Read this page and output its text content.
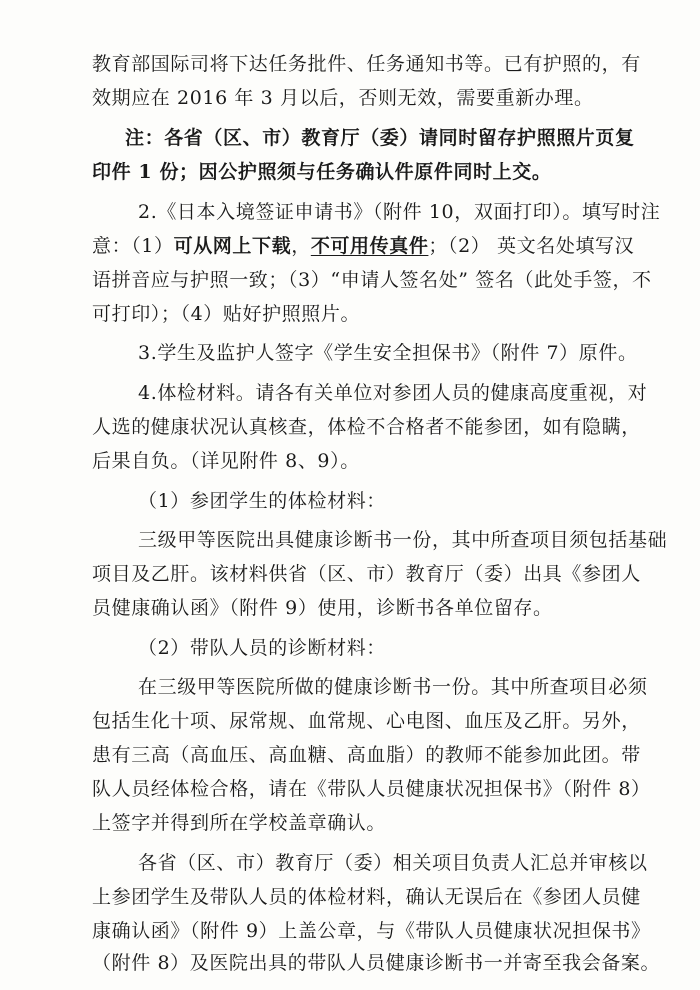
教育部国际司将下达任务批件、任务通知书等。已有护照的，有
效期应在 2016 年 3 月以后，否则无效，需要重新办理。
注：各省（区、市）教育厅（委）请同时留存护照照片页复
印件 1 份；因公护照须与任务确认件原件同时上交。
2.《日本入境签证申请书》（附件 10，双面打印）。填写时注
意：（1）可从网上下载，不可用传真件；（2） 英文名处填写汉
语拼音应与护照一致；（3）“申请人签名处” 签名（此处手签，不
可打印）；（4）贴好护照照片。
3.学生及监护人签字《学生安全担保书》（附件 7）原件。
4.体检材料。请各有关单位对参团人员的健康高度重视，对
人选的健康状况认真核查，体检不合格者不能参团，如有隐瞒，
后果自负。（详见附件 8、9）。
（1）参团学生的体检材料：
三级甲等医院出具健康诊断书一份，其中所查项目须包括基础
项目及乙肝。该材料供省（区、市）教育厅（委）出具《参团人
员健康确认函》（附件 9）使用，诊断书各单位留存。
（2）带队人员的诊断材料：
在三级甲等医院所做的健康诊断书一份。其中所查项目必须
包括生化十项、尿常规、血常规、心电图、血压及乙肝。另外，
患有三高（高血压、高血糖、高血脂）的教师不能参加此团。带
队人员经体检合格，请在《带队人员健康状况担保书》（附件 8）
上签字并得到所在学校盖章确认。
各省（区、市）教育厅（委）相关项目负责人汇总并审核以
上参团学生及带队人员的体检材料，确认无误后在《参团人员健
康确认函》（附件 9）上盖公章，与《带队人员健康状况担保书》
（附件 8）及医院出具的带队人员健康诊断书一并寄至我会备案。
